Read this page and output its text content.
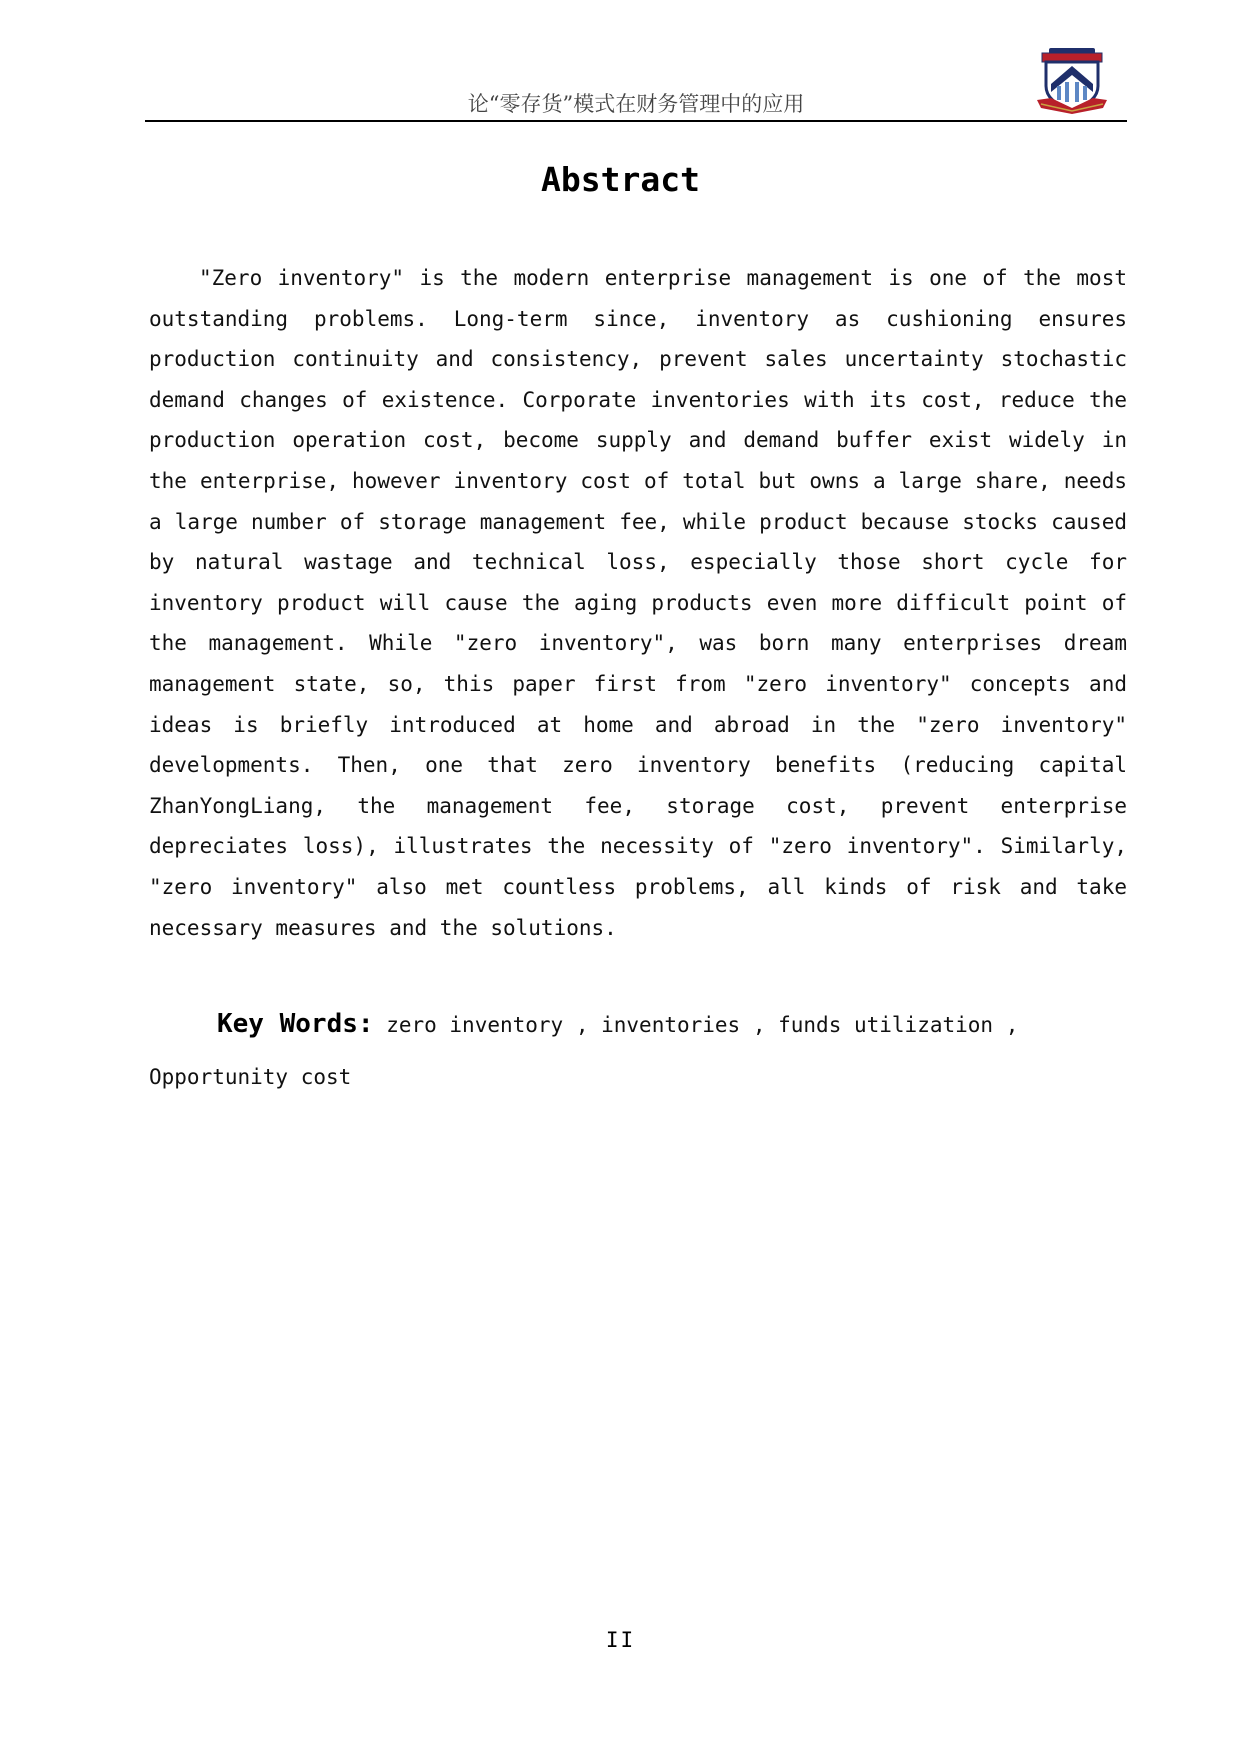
论“零存货”模式在财务管理中的应用
Abstract

"Zero inventory" is the modern enterprise management is one of the most outstanding problems. Long-term since, inventory as cushioning ensures production continuity and consistency, prevent sales uncertainty stochastic demand changes of existence. Corporate inventories with its cost, reduce the production operation cost, become supply and demand buffer exist widely in the enterprise, however inventory cost of total but owns a large share, needs a large number of storage management fee, while product because stocks caused by natural wastage and technical loss, especially those short cycle for inventory product will cause the aging products even more difficult point of the management. While "zero inventory", was born many enterprises dream management state, so, this paper first from "zero inventory" concepts and ideas is briefly introduced at home and abroad in the "zero inventory" developments. Then, one that zero inventory benefits (reducing capital ZhanYongLiang, the management fee, storage cost, prevent enterprise depreciates loss), illustrates the necessity of "zero inventory". Similarly, "zero inventory" also met countless problems, all kinds of risk and take necessary measures and the solutions.

Key Words: zero inventory , inventories , funds utilization , Opportunity cost

II
